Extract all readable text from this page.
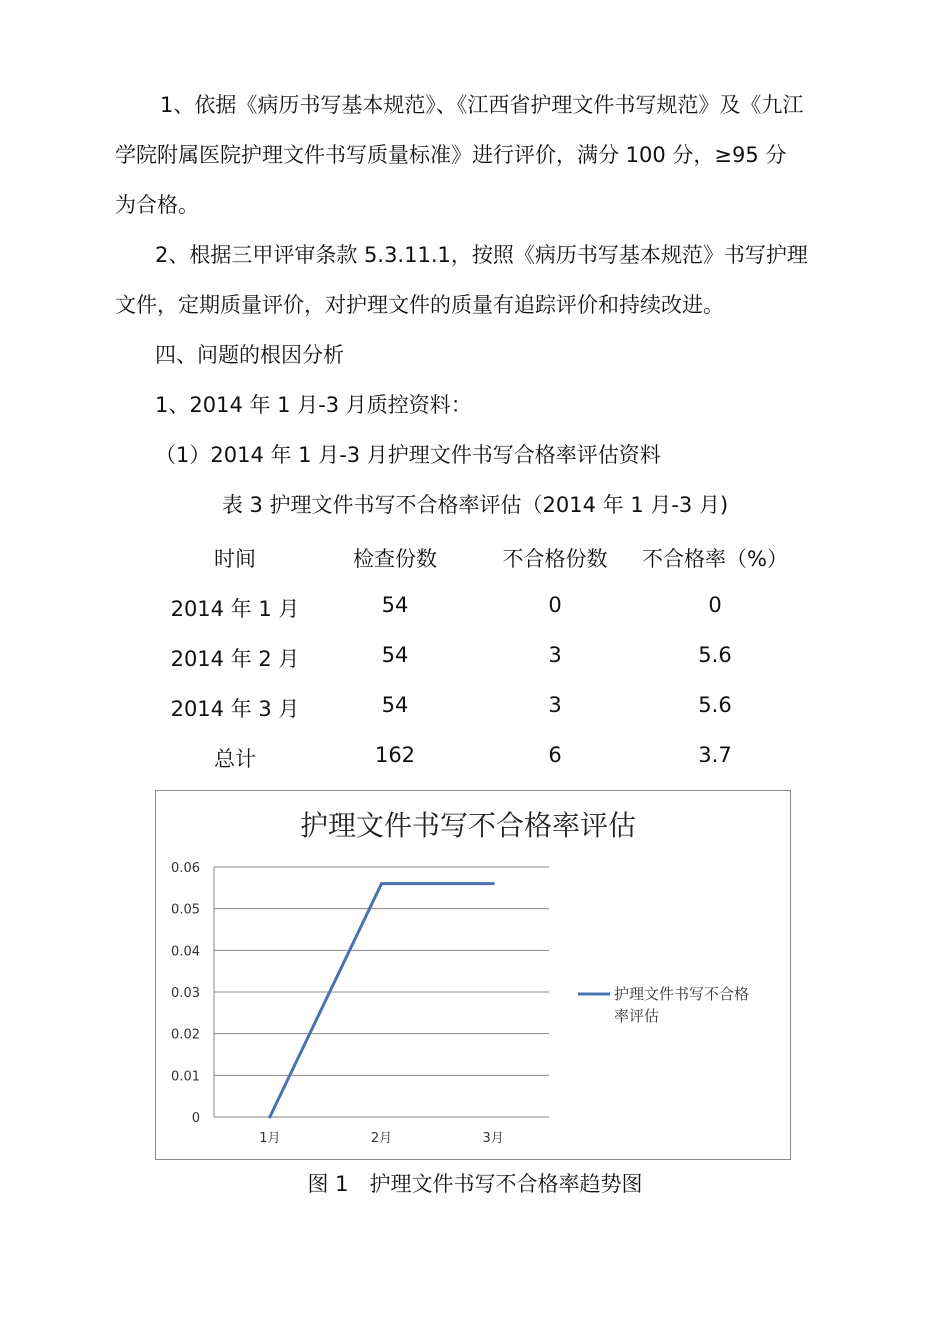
1、依据《病历书写基本规范》、《江西省护理文件书写规范》及《九江
学院附属医院护理文件书写质量标准》进行评价，满分 100 分，≥95 分
为合格。
2、根据三甲评审条款 5.3.11.1，按照《病历书写基本规范》书写护理
文件，定期质量评价，对护理文件的质量有追踪评价和持续改进。
四、问题的根因分析
1、2014 年 1 月-3 月质控资料：
（1）2014 年 1 月-3 月护理文件书写合格率评估资料
表 3 护理文件书写不合格率评估（2014 年 1 月-3 月)
时间	检查份数	不合格份数	不合格率（%）
2014 年 1 月	54	0	0
2014 年 2 月	54	3	5.6
2014 年 3 月	54	3	5.6
总计	162	6	3.7
护理文件书写不合格率评估
0
0.01
0.02
0.03
0.04
0.05
0.06
1月	2月	3月
护理文件书写不合格
率评估
图 1　护理文件书写不合格率趋势图
